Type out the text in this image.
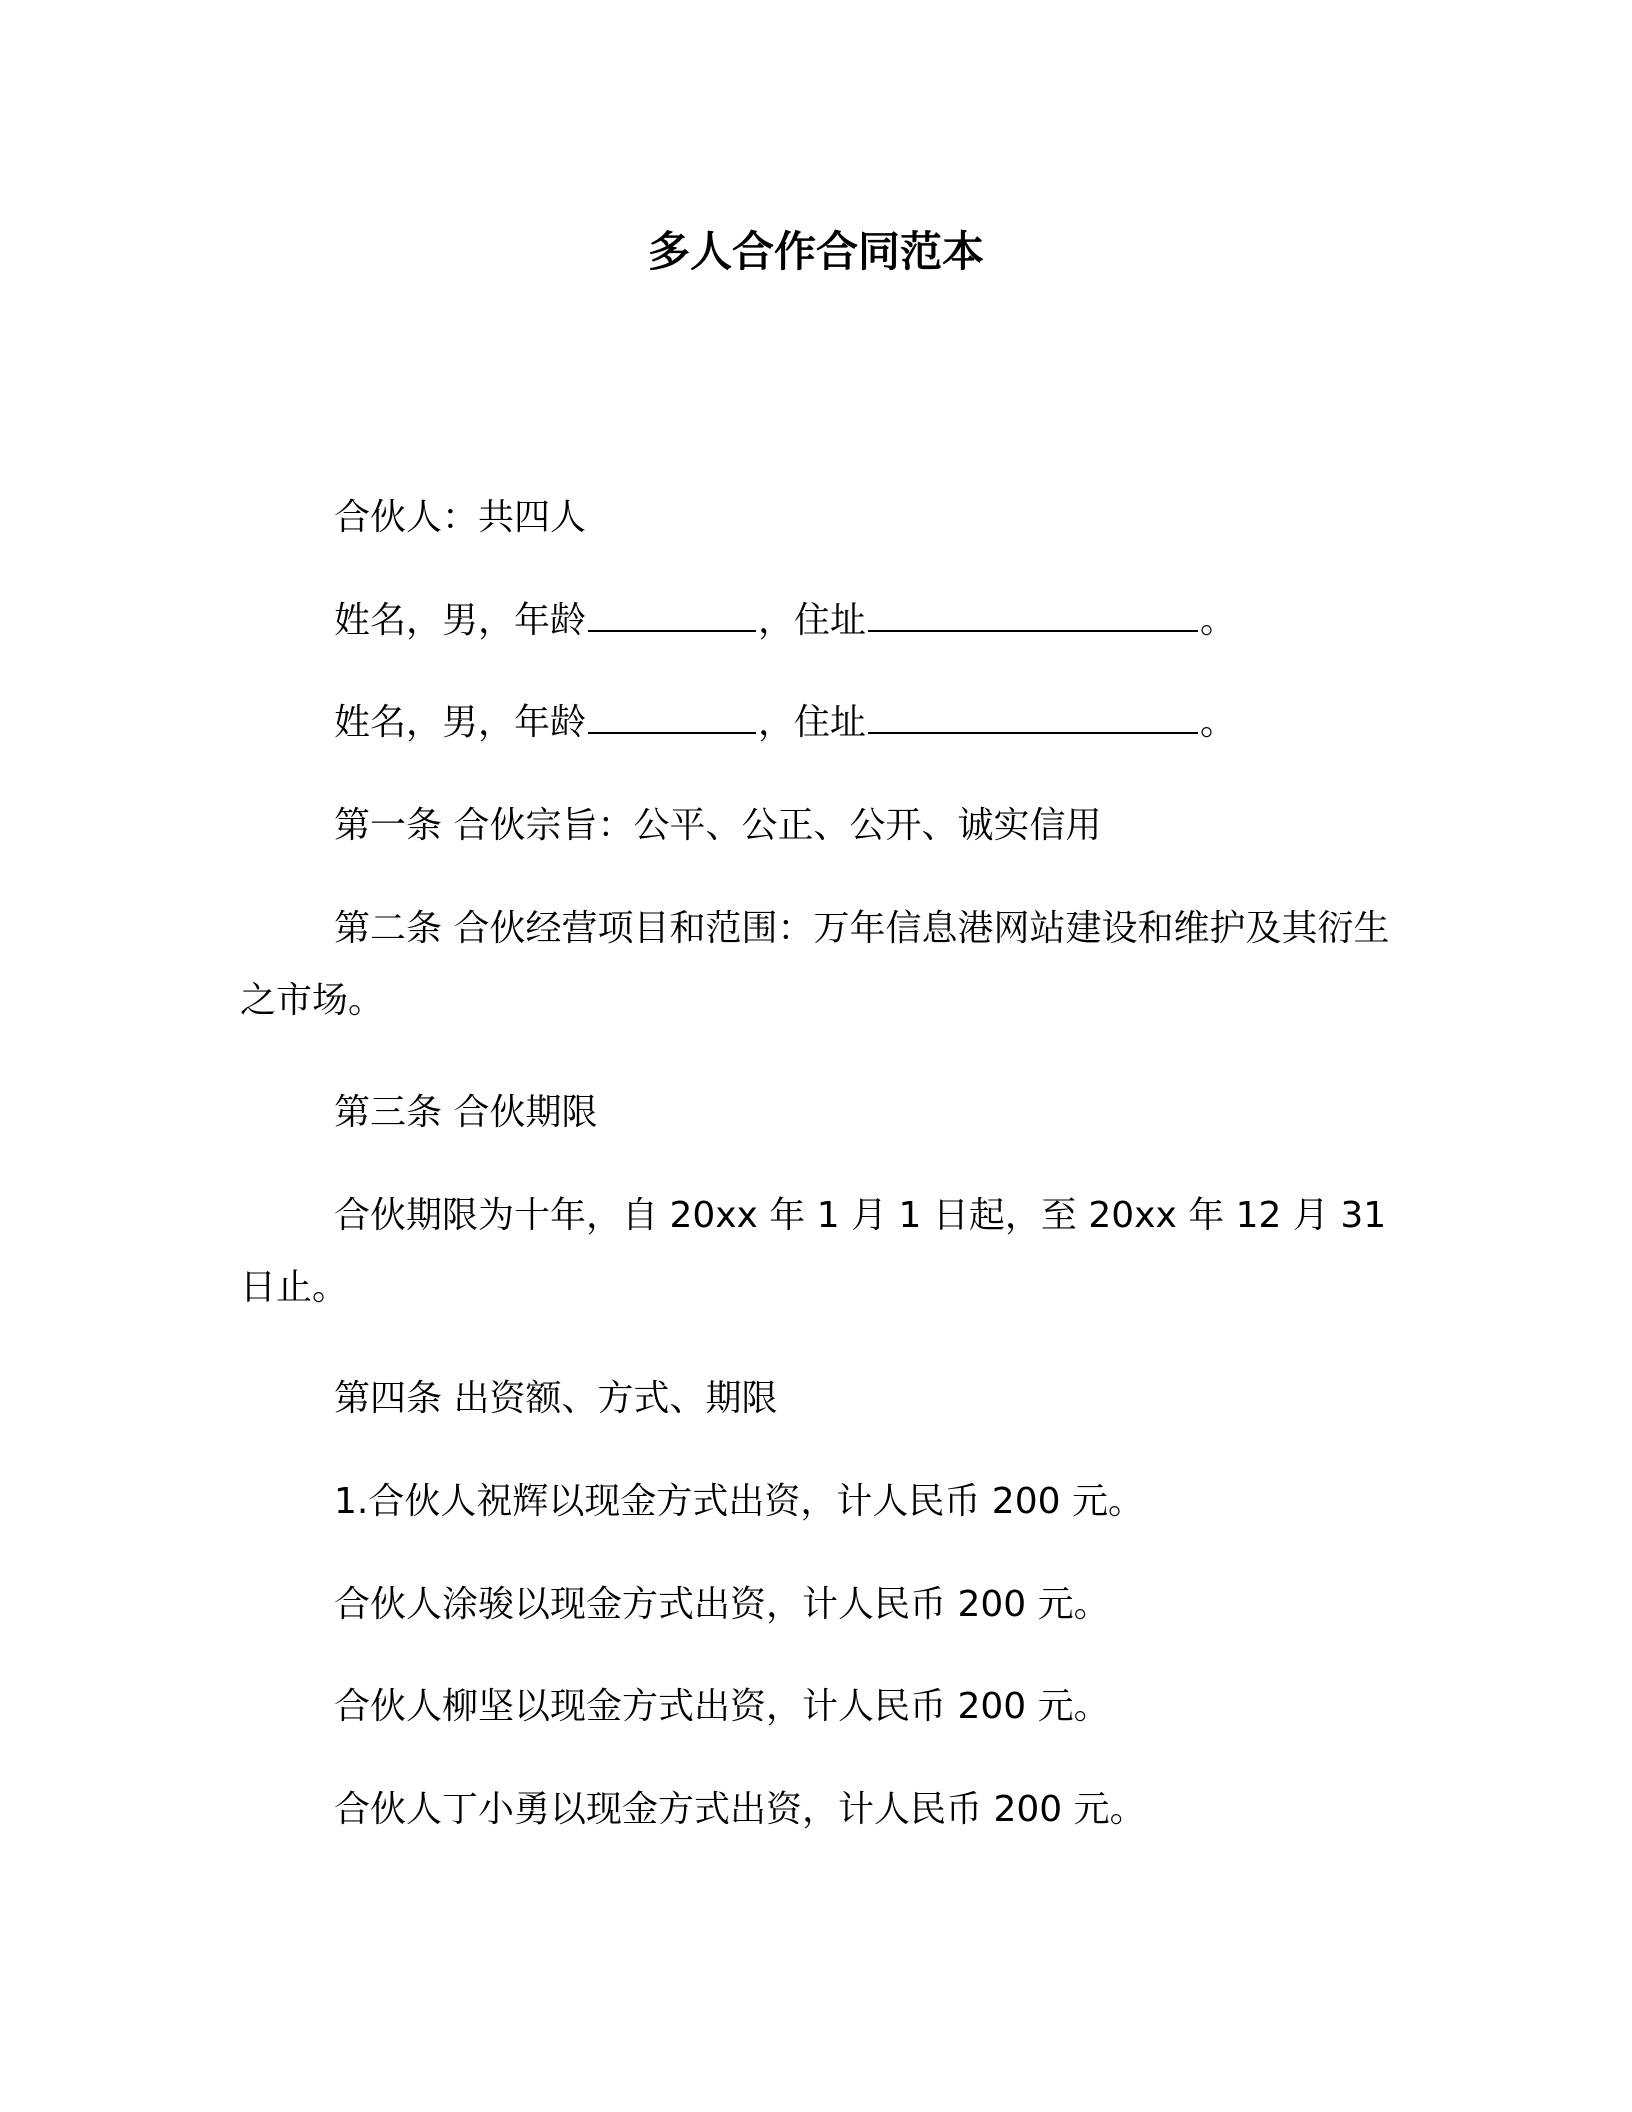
多人合作合同范本

合伙人：共四人

姓名，男，年龄	，住址	。

姓名，男，年龄	，住址	。

第一条 合伙宗旨：公平、公正、公开、诚实信用

第二条 合伙经营项目和范围：万年信息港网站建设和维护及其衍生之市场。

第三条 合伙期限

合伙期限为十年，自 20xx 年 1 月 1 日起，至 20xx 年 12 月 31 日止。

第四条 出资额、方式、期限

1.合伙人祝辉以现金方式出资，计人民币 200 元。

合伙人涂骏以现金方式出资，计人民币 200 元。

合伙人柳坚以现金方式出资，计人民币 200 元。

合伙人丁小勇以现金方式出资，计人民币 200 元。
